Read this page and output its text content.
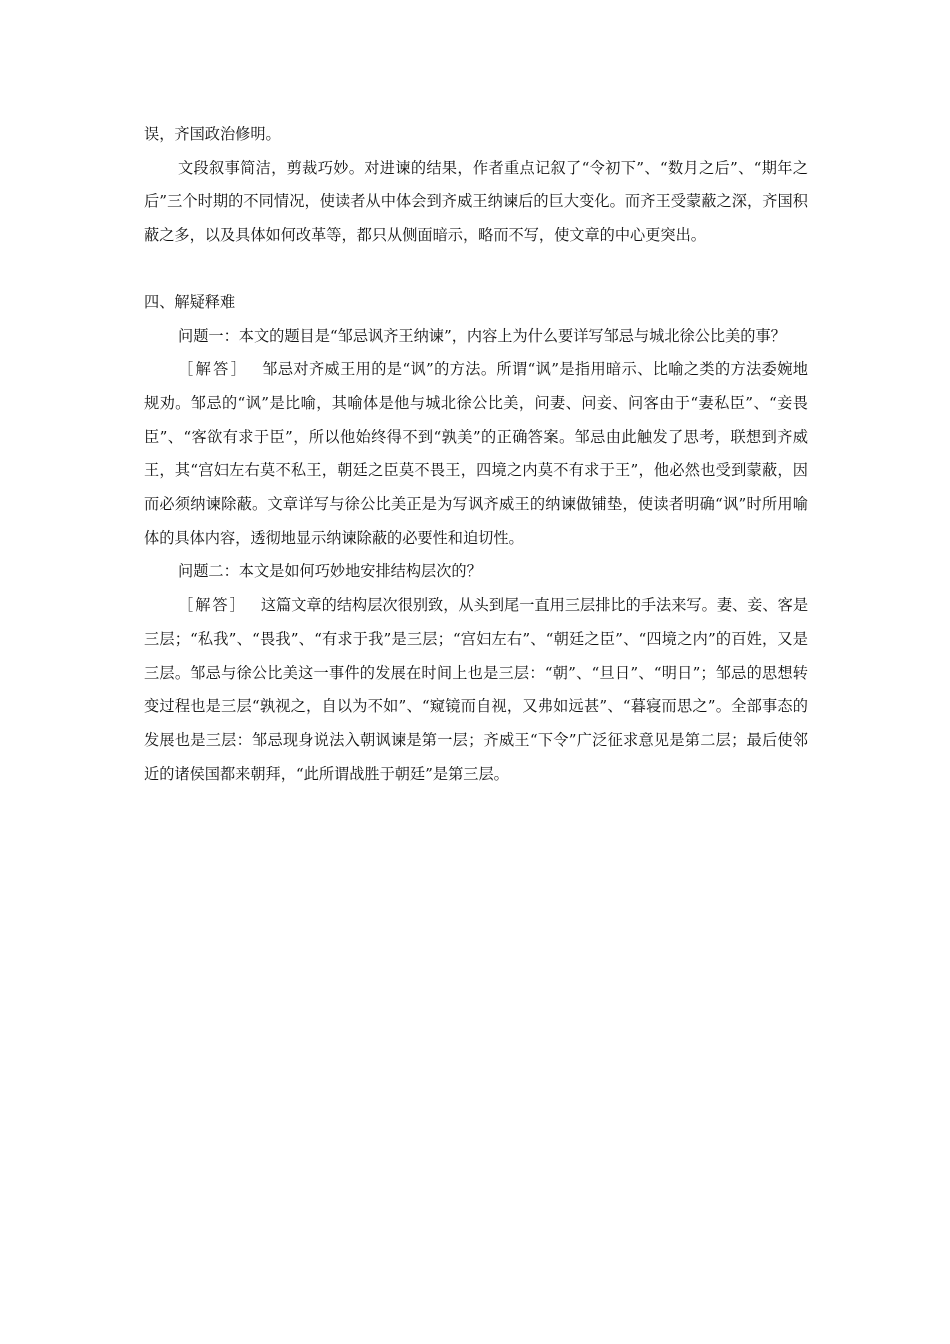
误，齐国政治修明。

文段叙事简洁，剪裁巧妙。对进谏的结果，作者重点记叙了“令初下”、“数月之后”、“期年之后”三个时期的不同情况，使读者从中体会到齐威王纳谏后的巨大变化。而齐王受蒙蔽之深，齐国积蔽之多，以及具体如何改革等，都只从侧面暗示，略而不写，使文章的中心更突出。

四、解疑释难

问题一：本文的题目是“邹忌讽齐王纳谏”，内容上为什么要详写邹忌与城北徐公比美的事？

［解答］ 邹忌对齐威王用的是“讽”的方法。所谓“讽”是指用暗示、比喻之类的方法委婉地规劝。邹忌的“讽”是比喻，其喻体是他与城北徐公比美，问妻、问妾、问客由于“妻私臣”、“妾畏臣”、“客欲有求于臣”，所以他始终得不到“孰美”的正确答案。邹忌由此触发了思考，联想到齐威王，其“宫妇左右莫不私王，朝廷之臣莫不畏王，四境之内莫不有求于王”，他必然也受到蒙蔽，因而必须纳谏除蔽。文章详写与徐公比美正是为写讽齐威王的纳谏做铺垫，使读者明确“讽”时所用喻体的具体内容，透彻地显示纳谏除蔽的必要性和迫切性。

问题二：本文是如何巧妙地安排结构层次的？

［解答］ 这篇文章的结构层次很别致，从头到尾一直用三层排比的手法来写。妻、妾、客是三层；“私我”、“畏我”、“有求于我”是三层；“宫妇左右”、“朝廷之臣”、“四境之内”的百姓，又是三层。邹忌与徐公比美这一事件的发展在时间上也是三层：“朝”、“旦日”、“明日”；邹忌的思想转变过程也是三层“孰视之，自以为不如”、“窥镜而自视，又弗如远甚”、“暮寝而思之”。全部事态的发展也是三层：邹忌现身说法入朝讽谏是第一层；齐威王“下令”广泛征求意见是第二层；最后使邻近的诸侯国都来朝拜，“此所谓战胜于朝廷”是第三层。
